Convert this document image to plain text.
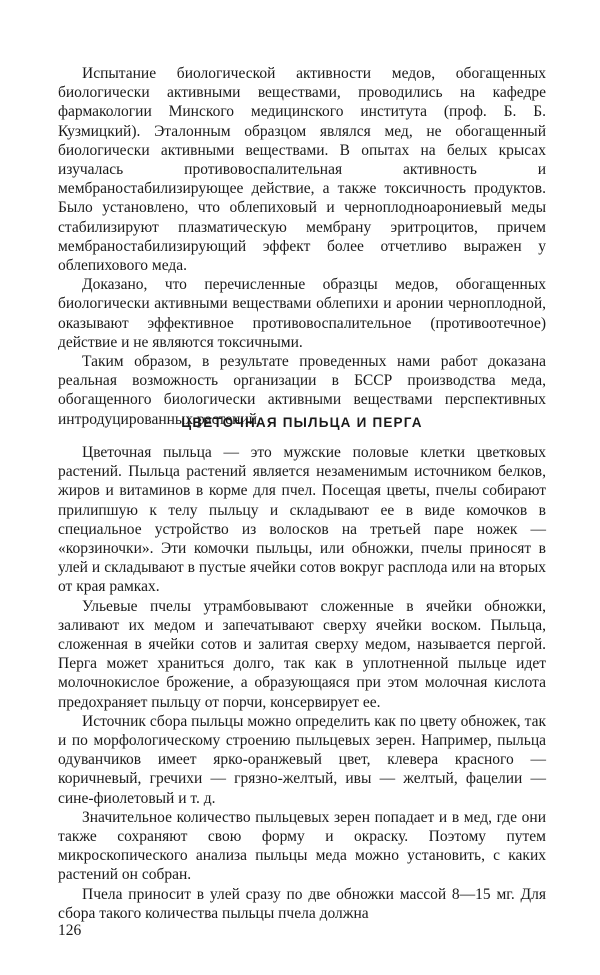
Испытание биологической активности медов, обогащенных биологически активными веществами, проводились на кафедре фармакологии Минского медицинского института (проф. Б. Б. Кузмицкий). Эталонным образцом являлся мед, не обогащенный биологически активными веществами. В опытах на белых крысах изучалась противовоспалительная активность и мембраностабилизирующее действие, а также токсичность продуктов. Было установлено, что облепиховый и черноплодноарониевый меды стабилизируют плазматическую мембрану эритроцитов, причем мембраностабилизирующий эффект более отчетливо выражен у облепихового меда.

Доказано, что перечисленные образцы медов, обогащенных биологически активными веществами облепихи и аронии черноплодной, оказывают эффективное противовоспалительное (противоотечное) действие и не являются токсичными.

Таким образом, в результате проведенных нами работ доказана реальная возможность организации в БССР производства меда, обогащенного биологически активными веществами перспективных интродуцированных растений.

ЦВЕТОЧНАЯ ПЫЛЬЦА И ПЕРГА

Цветочная пыльца — это мужские половые клетки цветковых растений. Пыльца растений является незаменимым источником белков, жиров и витаминов в корме для пчел. Посещая цветы, пчелы собирают прилипшую к телу пыльцу и складывают ее в виде комочков в специальное устройство из волосков на третьей паре ножек — «корзиночки». Эти комочки пыльцы, или обножки, пчелы приносят в улей и складывают в пустые ячейки сотов вокруг расплода или на вторых от края рамках.

Ульевые пчелы утрамбовывают сложенные в ячейки обножки, заливают их медом и запечатывают сверху ячейки воском. Пыльца, сложенная в ячейки сотов и залитая сверху медом, называется пергой. Перга может храниться долго, так как в уплотненной пыльце идет молочнокислое брожение, а образующаяся при этом молочная кислота предохраняет пыльцу от порчи, консервирует ее.

Источник сбора пыльцы можно определить как по цвету обножек, так и по морфологическому строению пыльцевых зерен. Например, пыльца одуванчиков имеет ярко-оранжевый цвет, клевера красного — коричневый, гречихи — грязно-желтый, ивы — желтый, фацелии — сине-фиолетовый и т. д.

Значительное количество пыльцевых зерен попадает и в мед, где они также сохраняют свою форму и окраску. Поэтому путем микроскопического анализа пыльцы меда можно установить, с каких растений он собран.

Пчела приносит в улей сразу по две обножки массой 8—15 мг. Для сбора такого количества пыльцы пчела должна

126
